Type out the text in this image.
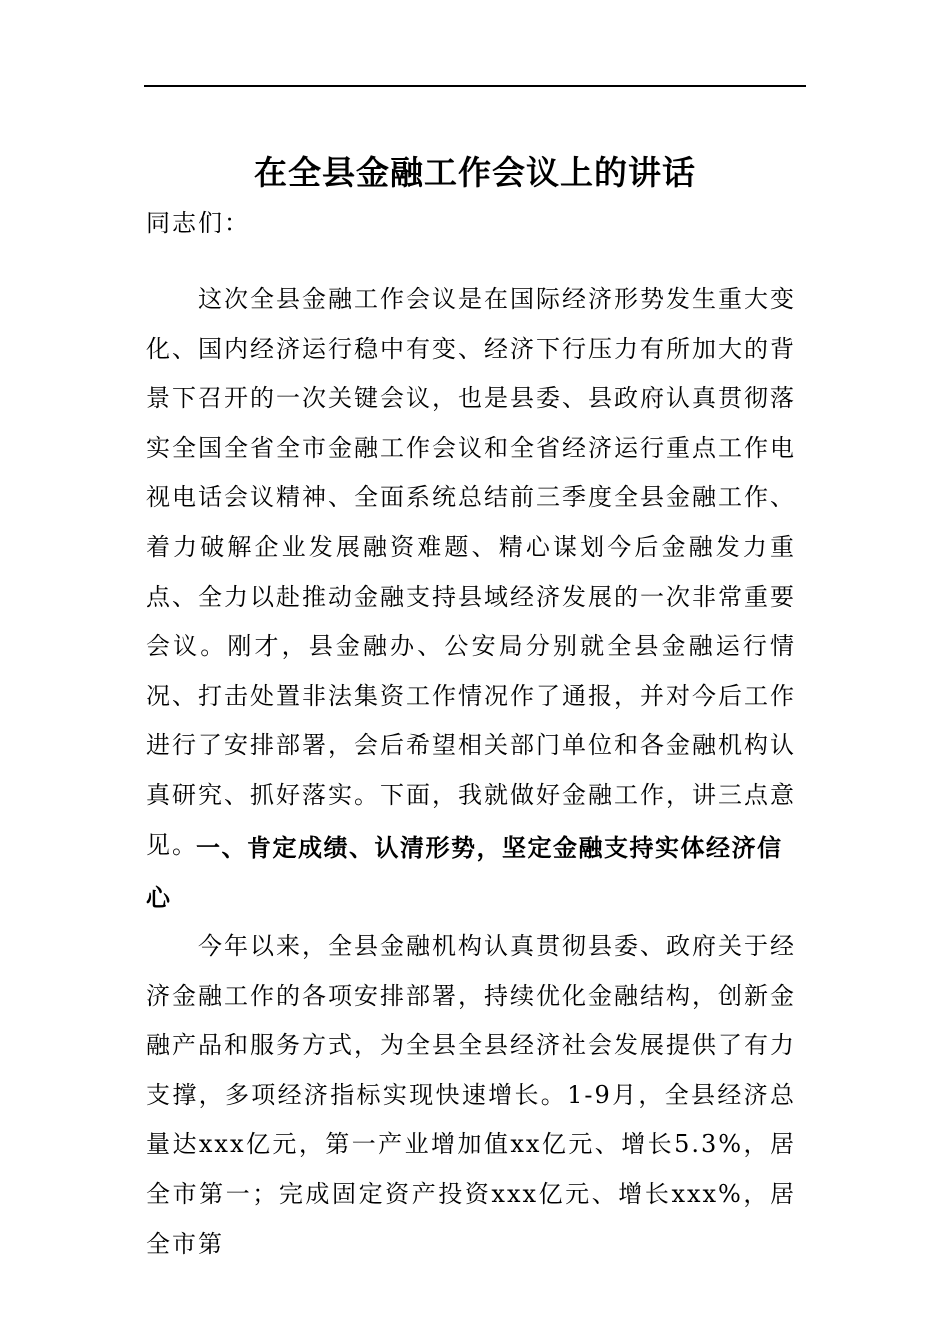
在全县金融工作会议上的讲话

同志们：

这次全县金融工作会议是在国际经济形势发生重大变化、国内经济运行稳中有变、经济下行压力有所加大的背景下召开的一次关键会议，也是县委、县政府认真贯彻落实全国全省全市金融工作会议和全省经济运行重点工作电视电话会议精神、全面系统总结前三季度全县金融工作、着力破解企业发展融资难题、精心谋划今后金融发力重点、全力以赴推动金融支持县域经济发展的一次非常重要会议。刚才，县金融办、公安局分别就全县金融运行情况、打击处置非法集资工作情况作了通报，并对今后工作进行了安排部署，会后希望相关部门单位和各金融机构认真研究、抓好落实。下面，我就做好金融工作，讲三点意见。

一、肯定成绩、认清形势，坚定金融支持实体经济信心

今年以来，全县金融机构认真贯彻县委、政府关于经济金融工作的各项安排部署，持续优化金融结构，创新金融产品和服务方式，为全县全县经济社会发展提供了有力支撑，多项经济指标实现快速增长。1-9月，全县经济总量达xxx亿元，第一产业增加值xx亿元、增长5.3%，居全市第一；完成固定资产投资xxx亿元、增长xxx%，居全市第
